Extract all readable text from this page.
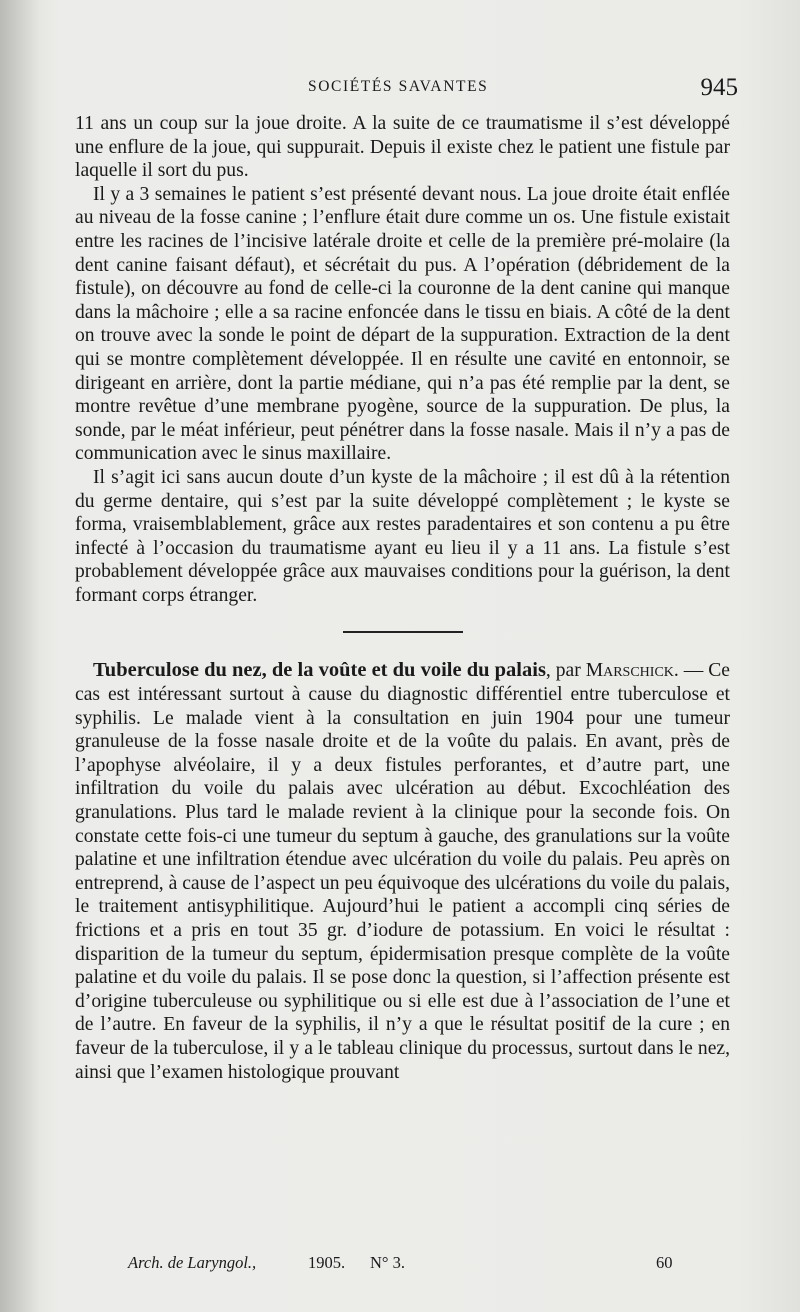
SOCIÉTÉS SAVANTES	945

11 ans un coup sur la joue droite. A la suite de ce traumatisme il s’est développé une enflure de la joue, qui suppurait. Depuis il existe chez le patient une fistule par laquelle il sort du pus.

Il y a 3 semaines le patient s’est présenté devant nous. La joue droite était enflée au niveau de la fosse canine ; l’enflure était dure comme un os. Une fistule existait entre les racines de l’incisive latérale droite et celle de la première pré-molaire (la dent canine faisant défaut), et sécrétait du pus. A l’opération (débridement de la fistule), on découvre au fond de celle-ci la couronne de la dent canine qui manque dans la mâchoire ; elle a sa racine enfoncée dans le tissu en biais. A côté de la dent on trouve avec la sonde le point de départ de la suppuration. Extraction de la dent qui se montre complètement développée. Il en résulte une cavité en entonnoir, se dirigeant en arrière, dont la partie médiane, qui n’a pas été remplie par la dent, se montre revêtue d’une membrane pyogène, source de la suppuration. De plus, la sonde, par le méat inférieur, peut pénétrer dans la fosse nasale. Mais il n’y a pas de communication avec le sinus maxillaire.

Il s’agit ici sans aucun doute d’un kyste de la mâchoire ; il est dû à la rétention du germe dentaire, qui s’est par la suite développé complètement ; le kyste se forma, vraisemblablement, grâce aux restes paradentaires et son contenu a pu être infecté à l’occasion du traumatisme ayant eu lieu il y a 11 ans. La fistule s’est probablement développée grâce aux mauvaises conditions pour la guérison, la dent formant corps étranger.

Tuberculose du nez, de la voûte et du voile du palais, par Marschick. — Ce cas est intéressant surtout à cause du diagnostic différentiel entre tuberculose et syphilis. Le malade vient à la consultation en juin 1904 pour une tumeur granuleuse de la fosse nasale droite et de la voûte du palais. En avant, près de l’apophyse alvéolaire, il y a deux fistules perforantes, et d’autre part, une infiltration du voile du palais avec ulcération au début. Excochléation des granulations. Plus tard le malade revient à la clinique pour la seconde fois. On constate cette fois-ci une tumeur du septum à gauche, des granulations sur la voûte palatine et une infiltration étendue avec ulcération du voile du palais. Peu après on entreprend, à cause de l’aspect un peu équivoque des ulcérations du voile du palais, le traitement antisyphilitique. Aujourd’hui le patient a accompli cinq séries de frictions et a pris en tout 35 gr. d’iodure de potassium. En voici le résultat : disparition de la tumeur du septum, épidermisation presque complète de la voûte palatine et du voile du palais. Il se pose donc la question, si l’affection présente est d’origine tuberculeuse ou syphilitique ou si elle est due à l’association de l’une et de l’autre. En faveur de la syphilis, il n’y a que le résultat positif de la cure ; en faveur de la tuberculose, il y a le tableau clinique du processus, surtout dans le nez, ainsi que l’examen histologique prouvant

Arch. de Laryngol.,	1905. N° 3.	60
